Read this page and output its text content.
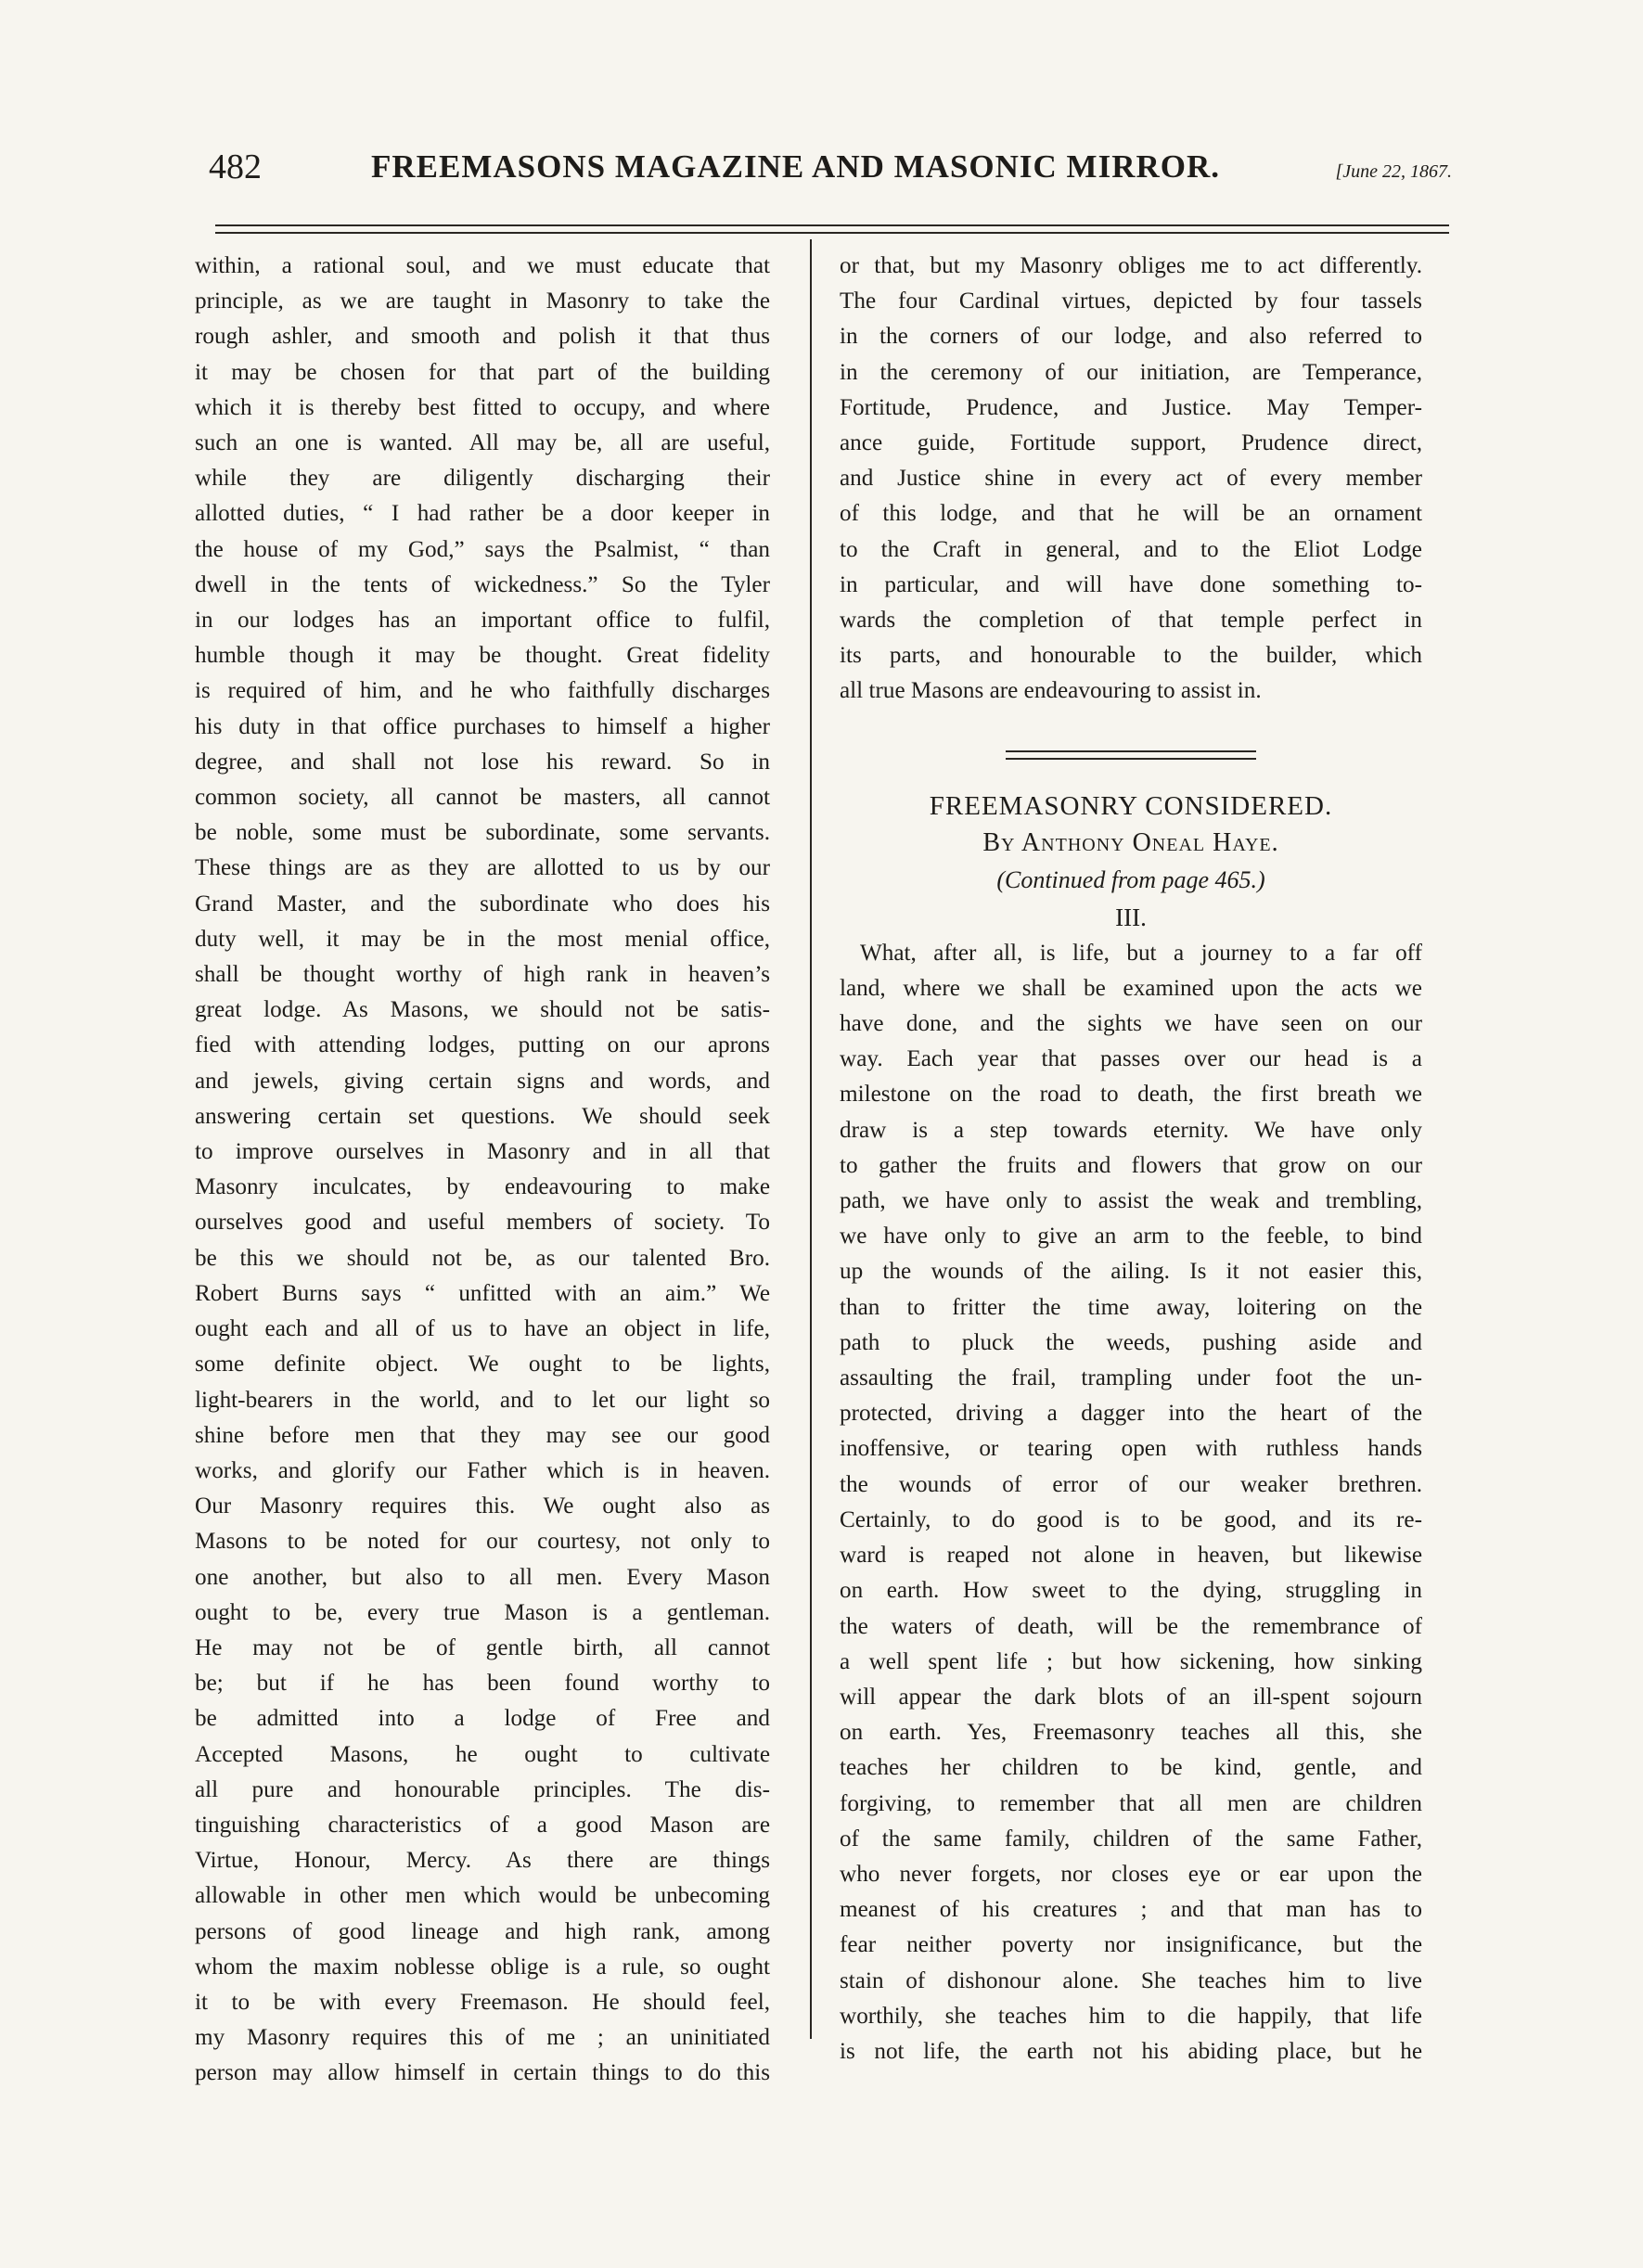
482	FREEMASONS MAGAZINE AND MASONIC MIRROR.	[June 22, 1867.
within, a rational soul, and we must educate that
principle, as we are taught in Masonry to take the
rough ashler, and smooth and polish it that thus
it may be chosen for that part of the building
which it is thereby best fitted to occupy, and where
such an one is wanted. All may be, all are useful,
while they are diligently discharging their
allotted duties, “ I had rather be a door keeper in
the house of my God,” says the Psalmist, “ than
dwell in the tents of wickedness.” So the Tyler
in our lodges has an important office to fulfil,
humble though it may be thought. Great fidelity
is required of him, and he who faithfully discharges
his duty in that office purchases to himself a higher
degree, and shall not lose his reward. So in
common society, all cannot be masters, all cannot
be noble, some must be subordinate, some servants.
These things are as they are allotted to us by our
Grand Master, and the subordinate who does his
duty well, it may be in the most menial office,
shall be thought worthy of high rank in heaven’s
great lodge. As Masons, we should not be satis-
fied with attending lodges, putting on our aprons
and jewels, giving certain signs and words, and
answering certain set questions. We should seek
to improve ourselves in Masonry and in all that
Masonry inculcates, by endeavouring to make
ourselves good and useful members of society. To
be this we should not be, as our talented Bro.
Robert Burns says “ unfitted with an aim.” We
ought each and all of us to have an object in life,
some definite object. We ought to be lights,
light-bearers in the world, and to let our light so
shine before men that they may see our good
works, and glorify our Father which is in heaven.
Our Masonry requires this. We ought also as
Masons to be noted for our courtesy, not only to
one another, but also to all men. Every Mason
ought to be, every true Mason is a gentleman.
He may not be of gentle birth, all cannot
be; but if he has been found worthy to
be admitted into a lodge of Free and
Accepted Masons, he ought to cultivate
all pure and honourable principles. The dis-
tinguishing characteristics of a good Mason are
Virtue, Honour, Mercy. As there are things
allowable in other men which would be unbecoming
persons of good lineage and high rank, among
whom the maxim noblesse oblige is a rule, so ought
it to be with every Freemason. He should feel,
my Masonry requires this of me ; an uninitiated
person may allow himself in certain things to do this
or that, but my Masonry obliges me to act differently.
The four Cardinal virtues, depicted by four tassels
in the corners of our lodge, and also referred to
in the ceremony of our initiation, are Temperance,
Fortitude, Prudence, and Justice. May Temper-
ance guide, Fortitude support, Prudence direct,
and Justice shine in every act of every member
of this lodge, and that he will be an ornament
to the Craft in general, and to the Eliot Lodge
in particular, and will have done something to-
wards the completion of that temple perfect in
its parts, and honourable to the builder, which
all true Masons are endeavouring to assist in.
FREEMASONRY CONSIDERED.
By Anthony Oneal Haye.
(Continued from page 465.)
III.
What, after all, is life, but a journey to a far off
land, where we shall be examined upon the acts we
have done, and the sights we have seen on our
way. Each year that passes over our head is a
milestone on the road to death, the first breath we
draw is a step towards eternity. We have only
to gather the fruits and flowers that grow on our
path, we have only to assist the weak and trembling,
we have only to give an arm to the feeble, to bind
up the wounds of the ailing. Is it not easier this,
than to fritter the time away, loitering on the
path to pluck the weeds, pushing aside and
assaulting the frail, trampling under foot the un-
protected, driving a dagger into the heart of the
inoffensive, or tearing open with ruthless hands
the wounds of error of our weaker brethren.
Certainly, to do good is to be good, and its re-
ward is reaped not alone in heaven, but likewise
on earth. How sweet to the dying, struggling in
the waters of death, will be the remembrance of
a well spent life ; but how sickening, how sinking
will appear the dark blots of an ill-spent sojourn
on earth. Yes, Freemasonry teaches all this, she
teaches her children to be kind, gentle, and
forgiving, to remember that all men are children
of the same family, children of the same Father,
who never forgets, nor closes eye or ear upon the
meanest of his creatures ; and that man has to
fear neither poverty nor insignificance, but the
stain of dishonour alone. She teaches him to live
worthily, she teaches him to die happily, that life
is not life, the earth not his abiding place, but he
